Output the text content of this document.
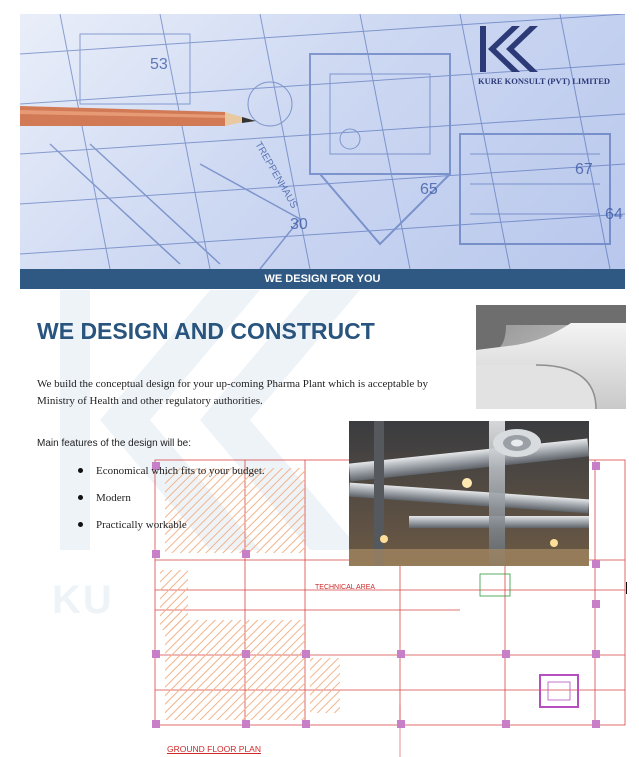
53
65
67
30
64
TREPPENHAUS
WE DESIGN FOR YOU
KURE KONSULT (PVT) LIMITED
KU	TECHNICAL AREA
GROUND FLOOR PLAN
WE DESIGN AND CONSTRUCT
We build the conceptual design for your up-coming Pharma Plant which is acceptable by Ministry of Health and other regulatory authorities.
Main features of the design will be:
Economical which fits to your budget.
Modern
Practically workable
